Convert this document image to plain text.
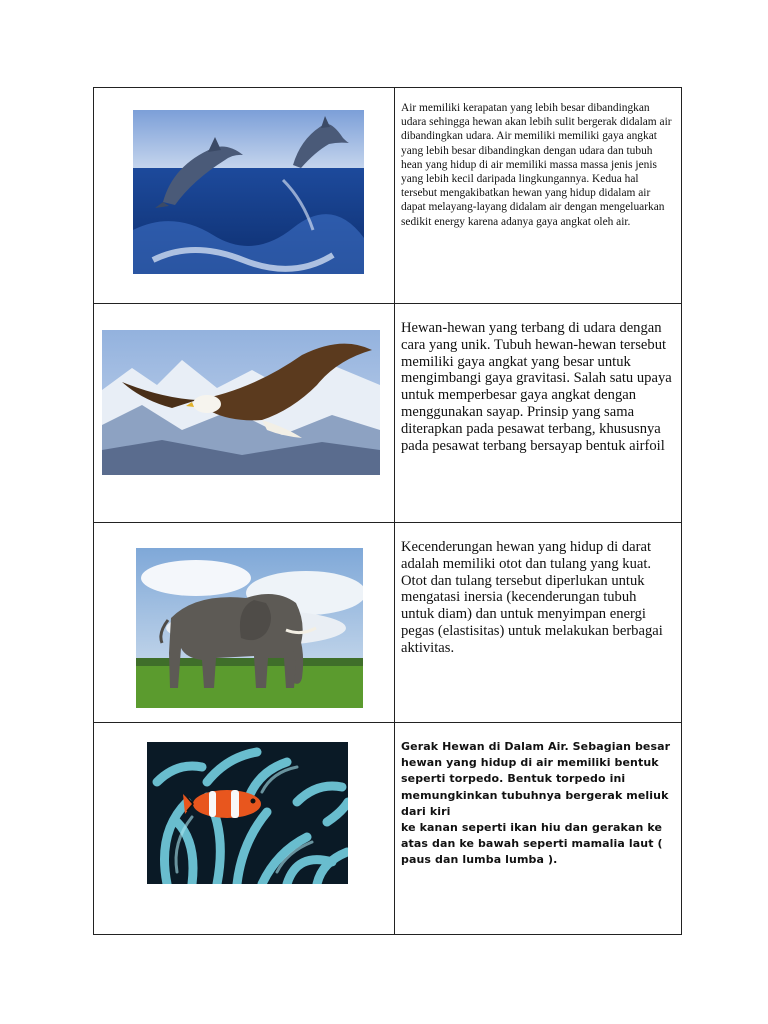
Air memiliki kerapatan yang lebih besar dibandingkan udara sehingga hewan akan lebih sulit bergerak didalam air dibandingkan udara. Air memiliki memiliki gaya angkat yang lebih besar dibandingkan dengan udara dan tubuh hean yang hidup di air memiliki massa massa jenis jenis yang lebih kecil daripada lingkungannya. Kedua hal tersebut mengakibatkan hewan yang hidup didalam air dapat melayang-layang didalam air dengan mengeluarkan sedikit energy karena adanya gaya angkat oleh air.
Hewan-hewan yang terbang di udara dengan cara yang unik. Tubuh hewan-hewan tersebut memiliki gaya angkat yang besar untuk mengimbangi gaya gravitasi. Salah satu upaya untuk memperbesar gaya angkat dengan menggunakan sayap. Prinsip yang sama diterapkan pada pesawat terbang, khususnya pada pesawat terbang bersayap bentuk airfoil
Kecenderungan hewan yang hidup di darat adalah memiliki otot dan tulang yang kuat. Otot dan tulang tersebut diperlukan untuk mengatasi inersia (kecenderungan tubuh untuk diam) dan untuk menyimpan energi pegas (elastisitas) untuk melakukan berbagai aktivitas.
Gerak Hewan di Dalam Air. Sebagian besar hewan yang hidup di air memiliki bentuk seperti torpedo. Bentuk torpedo ini memungkinkan tubuhnya bergerak meliuk dari kiri
ke kanan seperti ikan hiu dan gerakan ke atas dan ke bawah seperti mamalia laut ( paus dan lumba lumba ).
